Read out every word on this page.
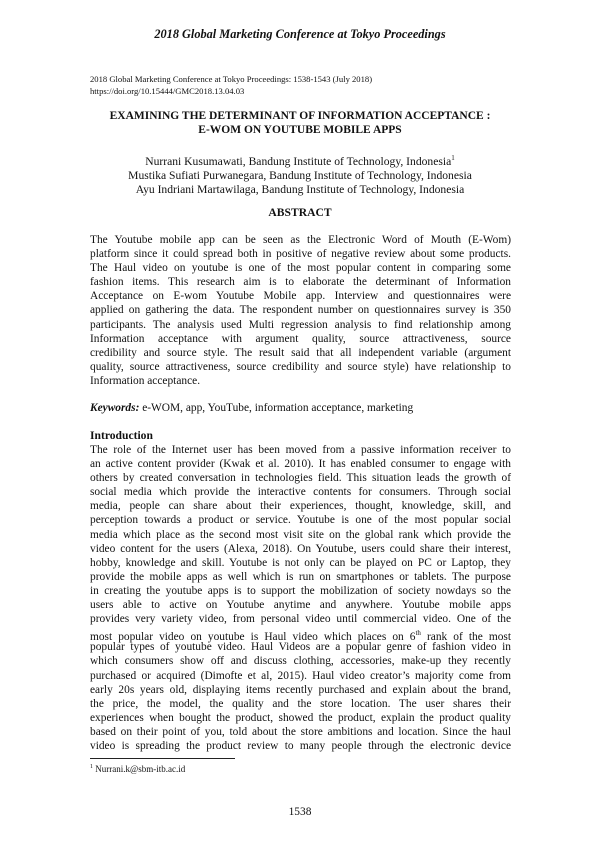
2018 Global Marketing Conference at Tokyo Proceedings
2018 Global Marketing Conference at Tokyo Proceedings: 1538-1543 (July 2018)
https://doi.org/10.15444/GMC2018.13.04.03
EXAMINING THE DETERMINANT OF INFORMATION ACCEPTANCE :
E-WOM ON YOUTUBE MOBILE APPS
Nurrani Kusumawati, Bandung Institute of Technology, Indonesia$^1$
Mustika Sufiati Purwanegara, Bandung Institute of Technology, Indonesia
Ayu Indriani Martawilaga, Bandung Institute of Technology, Indonesia
ABSTRACT
The Youtube mobile app can be seen as the Electronic Word of Mouth (E-Wom)
platform since it could spread both in positive of negative review about some products.
The Haul video on youtube is one of the most popular content in comparing some
fashion items. This research aim is to elaborate the determinant of Information
Acceptance on E-wom Youtube Mobile app. Interview and questionnaires were
applied on gathering the data. The respondent number on questionnaires survey is 350
participants. The analysis used Multi regression analysis to find relationship among
Information acceptance with argument quality, source attractiveness, source
credibility and source style. The result said that all independent variable (argument
quality, source attractiveness, source credibility and source style) have relationship to
Information acceptance.
Keywords: e-WOM, app, YouTube, information acceptance, marketing
Introduction
The role of the Internet user has been moved from a passive information receiver to
an active content provider (Kwak et al. 2010). It has enabled consumer to engage with
others by created conversation in technologies field. This situation leads the growth of
social media which provide the interactive contents for consumers. Through social
media, people can share about their experiences, thought, knowledge, skill, and
perception towards a product or service. Youtube is one of the most popular social
media which place as the second most visit site on the global rank which provide the
video content for the users (Alexa, 2018). On Youtube, users could share their interest,
hobby, knowledge and skill. Youtube is not only can be played on PC or Laptop, they
provide the mobile apps as well which is run on smartphones or tablets. The purpose
in creating the youtube apps is to support the mobilization of society nowdays so the
users able to active on Youtube anytime and anywhere. Youtube mobile apps
provides very variety video, from personal video until commercial video. One of the
most popular video on youtube is Haul video which places on 6th rank of the most
popular types of youtube video. Haul Videos are a popular genre of fashion video in
which consumers show off and discuss clothing, accessories, make-up they recently
purchased or acquired (Dimofte et al, 2015). Haul video creator’s majority come from
early 20s years old, displaying items recently purchased and explain about the brand,
the price, the model, the quality and the store location. The user shares their
experiences when bought the product, showed the product, explain the product quality
based on their point of you, told about the store ambitions and location. Since the haul
video is spreading the product review to many people through the electronic device
$^1$ Nurrani.k@sbm-itb.ac.id
1538
